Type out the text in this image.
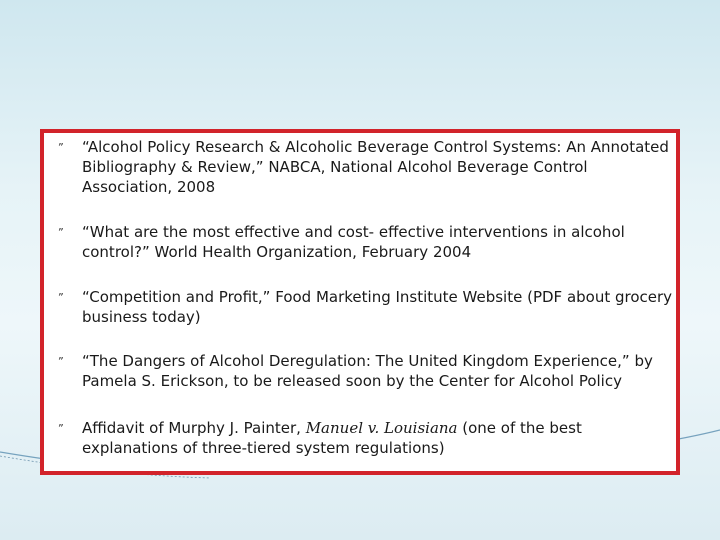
” “Alcohol Policy Research & Alcoholic Beverage Control Systems: An Annotated Bibliography & Review,” NABCA, National Alcohol Beverage Control Association, 2008
” “What are the most effective and cost- effective interventions in alcohol control?” World Health Organization, February 2004
” “Competition and Profit,” Food Marketing Institute Website (PDF about grocery business today)
” “The Dangers of Alcohol Deregulation: The United Kingdom Experience,” by Pamela S. Erickson, to be released soon by the Center for Alcohol Policy
” Affidavit of Murphy J. Painter, Manuel v. Louisiana (one of the best explanations of three-tiered system regulations)
